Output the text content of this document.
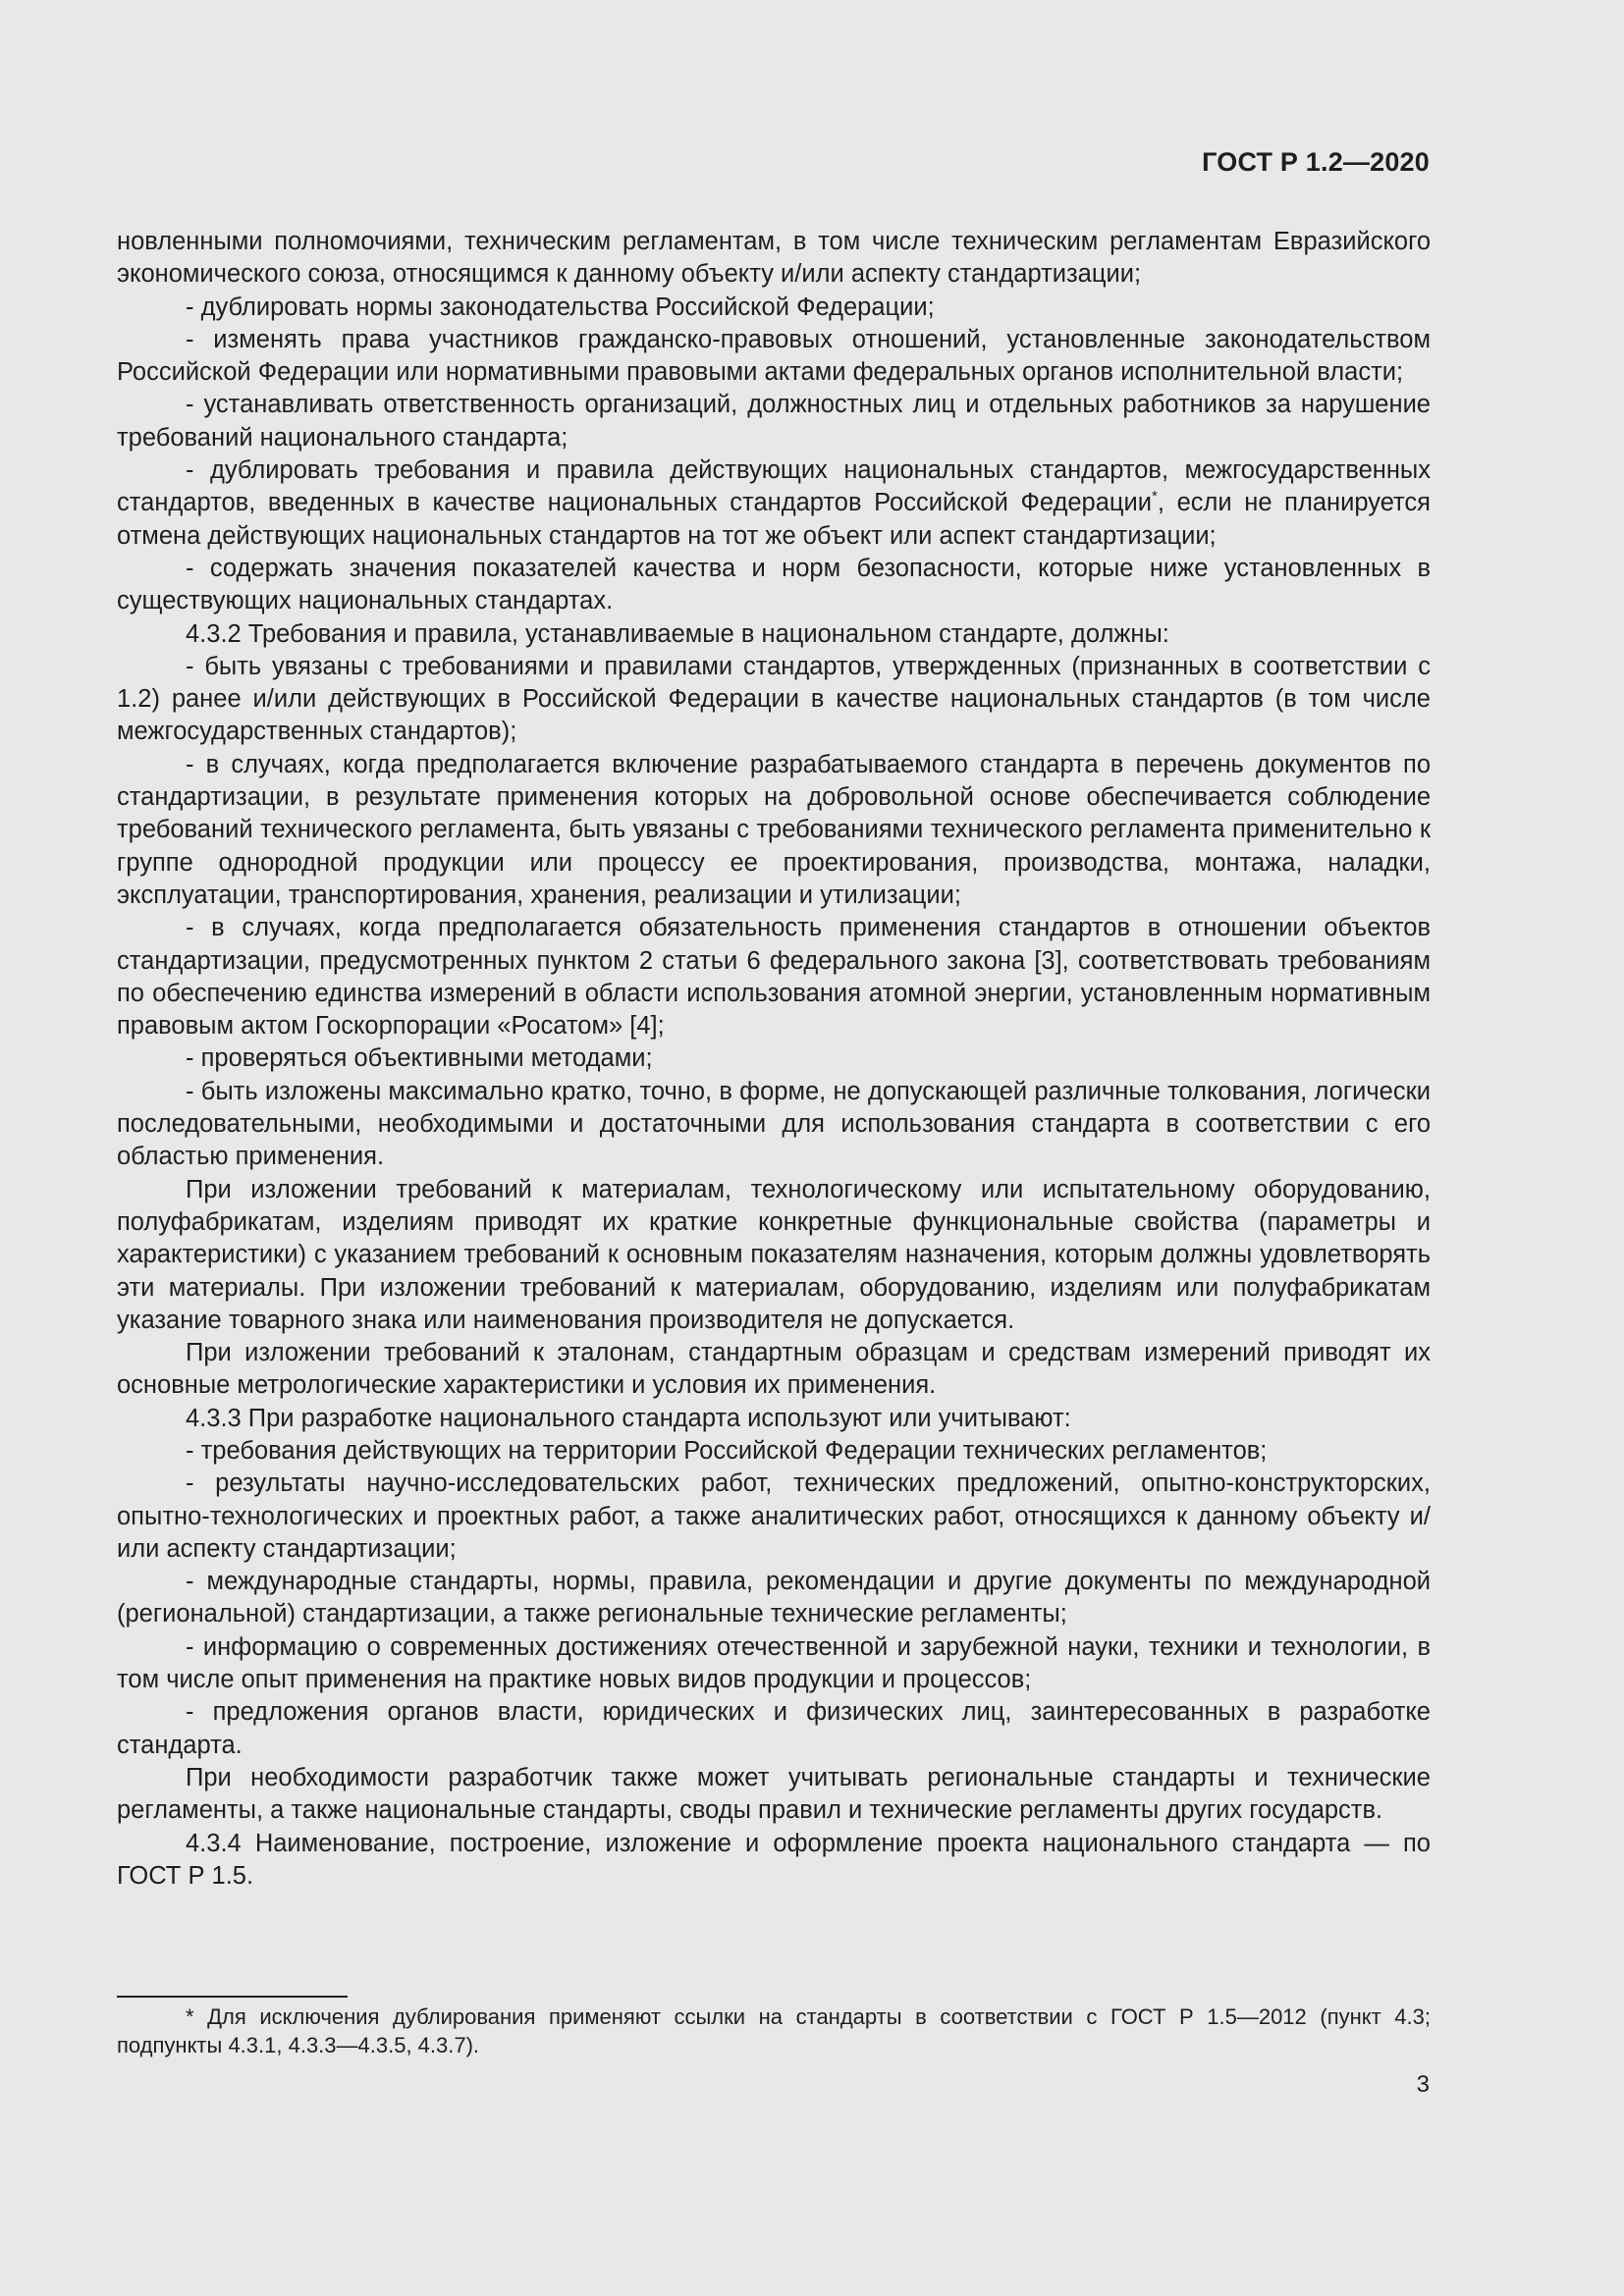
ГОСТ Р 1.2—2020

новленными полномочиями, техническим регламентам, в том числе техническим регламентам Евразийского экономического союза, относящимся к данному объекту и/или аспекту стандартизации;

- дублировать нормы законодательства Российской Федерации;

- изменять права участников гражданско-правовых отношений, установленные законодательством Российской Федерации или нормативными правовыми актами федеральных органов исполнительной власти;

- устанавливать ответственность организаций, должностных лиц и отдельных работников за нарушение требований национального стандарта;

- дублировать требования и правила действующих национальных стандартов, межгосударственных стандартов, введенных в качестве национальных стандартов Российской Федерации*, если не планируется отмена действующих национальных стандартов на тот же объект или аспект стандартизации;

- содержать значения показателей качества и норм безопасности, которые ниже установленных в существующих национальных стандартах.

4.3.2 Требования и правила, устанавливаемые в национальном стандарте, должны:

- быть увязаны с требованиями и правилами стандартов, утвержденных (признанных в соответствии с 1.2) ранее и/или действующих в Российской Федерации в качестве национальных стандартов (в том числе межгосударственных стандартов);

- в случаях, когда предполагается включение разрабатываемого стандарта в перечень документов по стандартизации, в результате применения которых на добровольной основе обеспечивается соблюдение требований технического регламента, быть увязаны с требованиями технического регламента применительно к группе однородной продукции или процессу ее проектирования, производства, монтажа, наладки, эксплуатации, транспортирования, хранения, реализации и утилизации;

- в случаях, когда предполагается обязательность применения стандартов в отношении объектов стандартизации, предусмотренных пунктом 2 статьи 6 федерального закона [3], соответствовать требованиям по обеспечению единства измерений в области использования атомной энергии, установленным нормативным правовым актом Госкорпорации «Росатом» [4];

- проверяться объективными методами;

- быть изложены максимально кратко, точно, в форме, не допускающей различные толкования, логически последовательными, необходимыми и достаточными для использования стандарта в соответствии с его областью применения.

При изложении требований к материалам, технологическому или испытательному оборудованию, полуфабрикатам, изделиям приводят их краткие конкретные функциональные свойства (параметры и характеристики) с указанием требований к основным показателям назначения, которым должны удовлетворять эти материалы. При изложении требований к материалам, оборудованию, изделиям или полуфабрикатам указание товарного знака или наименования производителя не допускается.

При изложении требований к эталонам, стандартным образцам и средствам измерений приводят их основные метрологические характеристики и условия их применения.

4.3.3 При разработке национального стандарта используют или учитывают:

- требования действующих на территории Российской Федерации технических регламентов;

- результаты научно-исследовательских работ, технических предложений, опытно-конструкторских, опытно-технологических и проектных работ, а также аналитических работ, относящихся к данному объекту и/или аспекту стандартизации;

- международные стандарты, нормы, правила, рекомендации и другие документы по международной (региональной) стандартизации, а также региональные технические регламенты;

- информацию о современных достижениях отечественной и зарубежной науки, техники и технологии, в том числе опыт применения на практике новых видов продукции и процессов;

- предложения органов власти, юридических и физических лиц, заинтересованных в разработке стандарта.

При необходимости разработчик также может учитывать региональные стандарты и технические регламенты, а также национальные стандарты, своды правил и технические регламенты других государств.

4.3.4 Наименование, построение, изложение и оформление проекта национального стандарта — по ГОСТ Р 1.5.

* Для исключения дублирования применяют ссылки на стандарты в соответствии с ГОСТ Р 1.5—2012 (пункт 4.3; подпункты 4.3.1, 4.3.3—4.3.5, 4.3.7).

3
